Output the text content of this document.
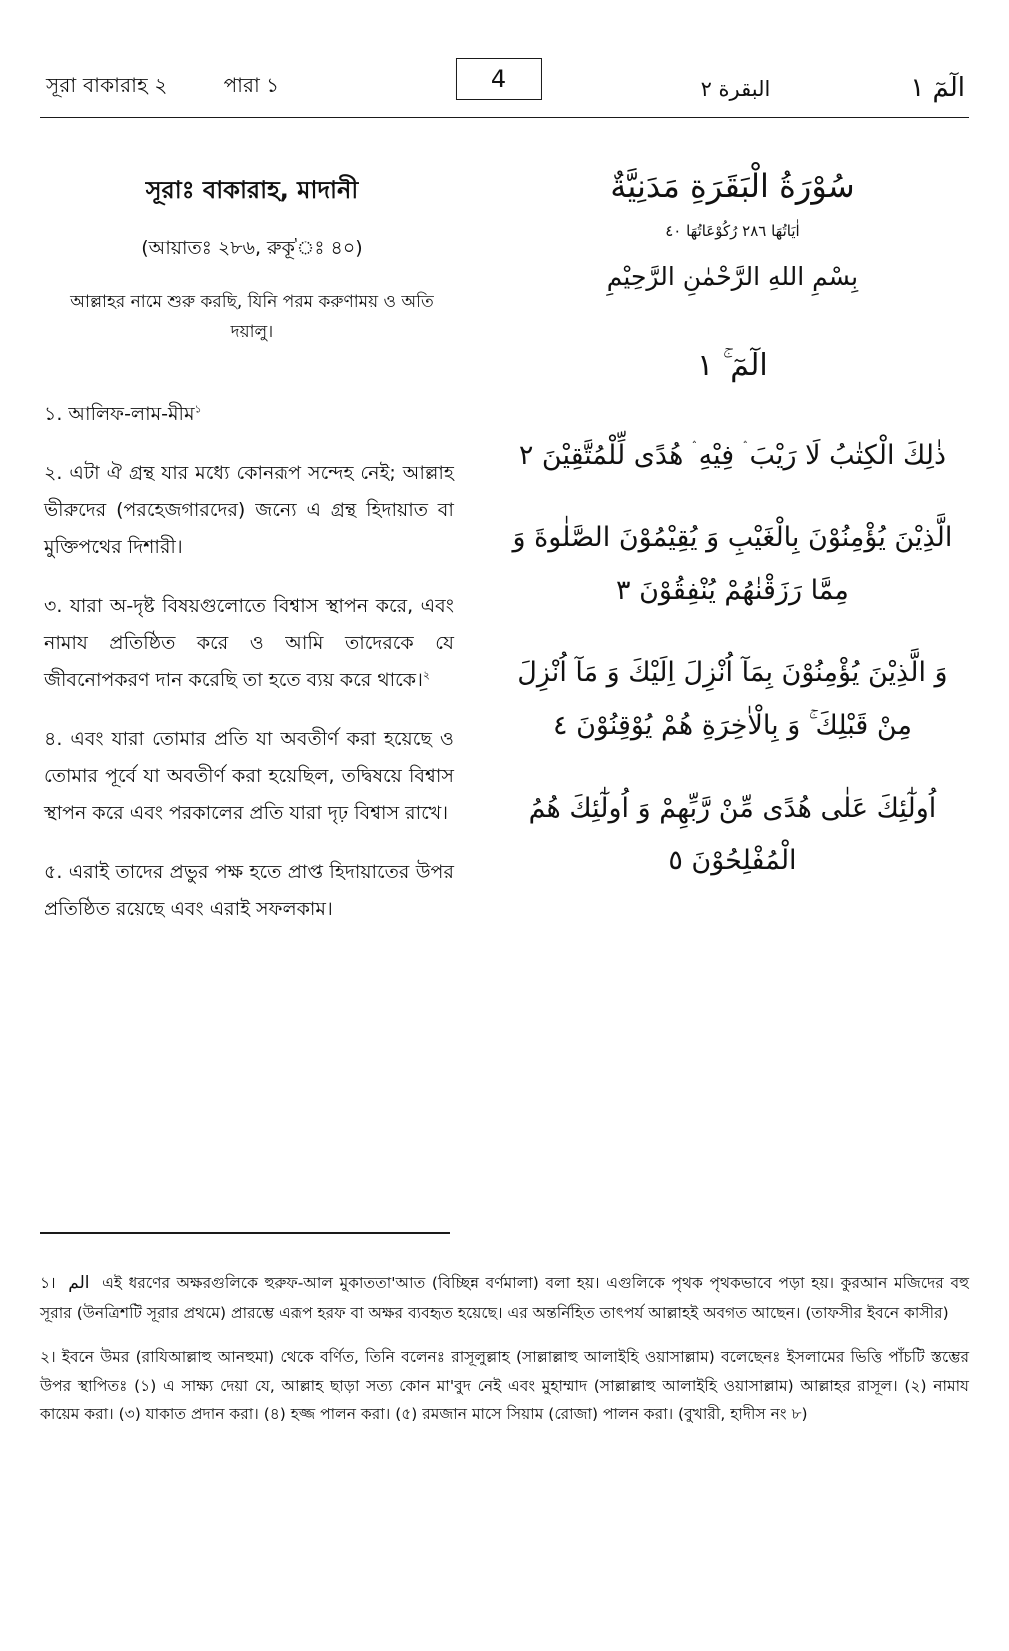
সূরা বাকারাহ ২	পারা ১	4	الٓمٓ ١
البقرة ٢
সূরাঃ বাকারাহ, মাদানী
(আয়াতঃ ২৮৬, রুকূ'ঃ ৪০)
আল্লাহর নামে শুরু করছি, যিনি পরম করুণাময় ও অতি দয়ালু।

১. আলিফ-লাম-মীম$^১$

২. এটা ঐ গ্রন্থ যার মধ্যে কোনরূপ সন্দেহ নেই; আল্লাহ ভীরুদের (পরহেজগারদের) জন্যে এ গ্রন্থ হিদায়াত বা মুক্তিপথের দিশারী।

৩. যারা অ-দৃষ্ট বিষয়গুলোতে বিশ্বাস স্থাপন করে, এবং নামায প্রতিষ্ঠিত করে ও আমি তাদেরকে যে জীবনোপকরণ দান করেছি তা হতে ব্যয় করে থাকে।$^২$

৪. এবং যারা তোমার প্রতি যা অবতীর্ণ করা হয়েছে ও তোমার পূর্বে যা অবতীর্ণ করা হয়েছিল, তদ্বিষয়ে বিশ্বাস স্থাপন করে এবং পরকালের প্রতি যারা দৃঢ় বিশ্বাস রাখে।

৫. এরাই তাদের প্রভুর পক্ষ হতে প্রাপ্ত হিদায়াতের উপর প্রতিষ্ঠিত রয়েছে এবং এরাই সফলকাম।

سُوْرَةُ الْبَقَرَةِ مَدَنِيَّةٌ
اٰيَاتُهَا ٢٨٦ رُكُوْعَاتُهَا ٤٠
بِسْمِ اللهِ الرَّحْمٰنِ الرَّحِيْمِ

الٓمٓ ۚ ١

ذٰلِكَ الْكِتٰبُ لَا رَيْبَ ۛ فِيْهِ ۛ هُدًى لِّلْمُتَّقِيْنَ ٢

الَّذِيْنَ يُؤْمِنُوْنَ بِالْغَيْبِ وَ يُقِيْمُوْنَ الصَّلٰوةَ وَ مِمَّا رَزَقْنٰهُمْ يُنْفِقُوْنَ ٣

وَ الَّذِيْنَ يُؤْمِنُوْنَ بِمَآ اُنْزِلَ اِلَيْكَ وَ مَآ اُنْزِلَ مِنْ قَبْلِكَ ۚ وَ بِالْاٰخِرَةِ هُمْ يُوْقِنُوْنَ ٤

اُولٰٓئِكَ عَلٰى هُدًى مِّنْ رَّبِّهِمْ وَ اُولٰٓئِكَ هُمُ الْمُفْلِحُوْنَ ٥

১। الم এই ধরণের অক্ষরগুলিকে হুরুফ-আল মুকাততা'আত (বিচ্ছিন্ন বর্ণমালা) বলা হয়। এগুলিকে পৃথক পৃথকভাবে পড়া হয়। কুরআন মজিদের বহু সূরার (উনত্রিশটি সূরার প্রথমে) প্রারম্ভে এরূপ হরফ বা অক্ষর ব্যবহৃত হয়েছে। এর অন্তর্নিহিত তাৎপর্য আল্লাহই অবগত আছেন। (তাফসীর ইবনে কাসীর)

২। ইবনে উমর (রাযিআল্লাহু আনহুমা) থেকে বর্ণিত, তিনি বলেনঃ রাসূলুল্লাহ (সাল্লাল্লাহু আলাইহি ওয়াসাল্লাম) বলেছেনঃ ইসলামের ভিত্তি পাঁচটি স্তম্ভের উপর স্থাপিতঃ (১) এ সাক্ষ্য দেয়া যে, আল্লাহ ছাড়া সত্য কোন মা'বুদ নেই এবং মুহাম্মাদ (সাল্লাল্লাহু আলাইহি ওয়াসাল্লাম) আল্লাহর রাসূল। (২) নামায কায়েম করা। (৩) যাকাত প্রদান করা। (৪) হজ্জ পালন করা। (৫) রমজান মাসে সিয়াম (রোজা) পালন করা। (বুখারী, হাদীস নং ৮)
